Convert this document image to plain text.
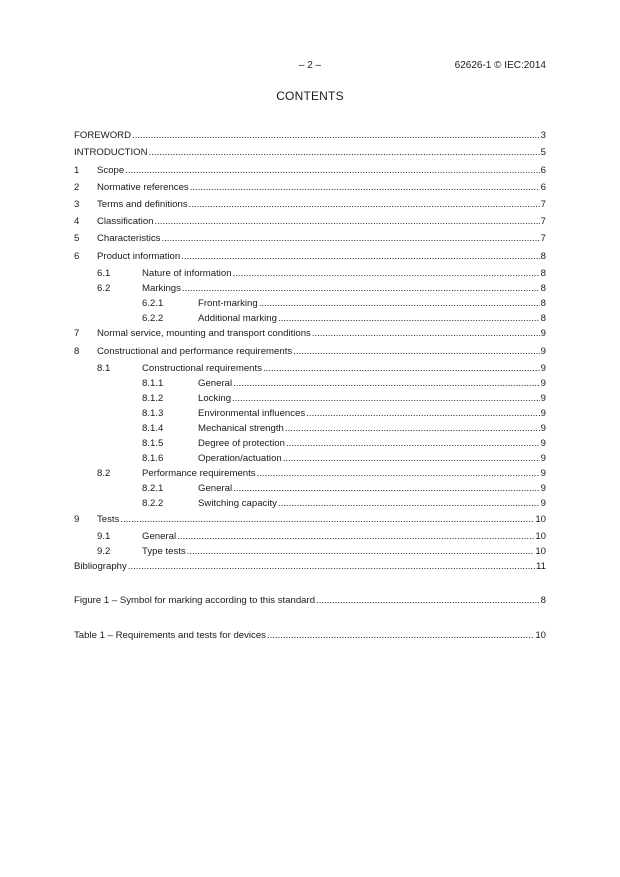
– 2 –	62626-1 © IEC:2014
CONTENTS
FOREWORD .....	3
INTRODUCTION .....	5
1	Scope .....	6
2	Normative references .....	6
3	Terms and definitions .....	7
4	Classification .....	7
5	Characteristics .....	7
6	Product information .....	8
6.1	Nature of information .....	8
6.2	Markings .....	8
6.2.1	Front-marking .....	8
6.2.2	Additional marking .....	8
7	Normal service, mounting and transport conditions .....	9
8	Constructional and performance requirements .....	9
8.1	Constructional requirements .....	9
8.1.1	General .....	9
8.1.2	Locking .....	9
8.1.3	Environmental influences .....	9
8.1.4	Mechanical strength .....	9
8.1.5	Degree of protection .....	9
8.1.6	Operation/actuation .....	9
8.2	Performance requirements .....	9
8.2.1	General .....	9
8.2.2	Switching capacity .....	9
9	Tests .....	10
9.1	General .....	10
9.2	Type tests .....	10
Bibliography .....	11
Figure 1 – Symbol for marking according to this standard .....	8
Table 1 – Requirements and tests for devices .....	10
